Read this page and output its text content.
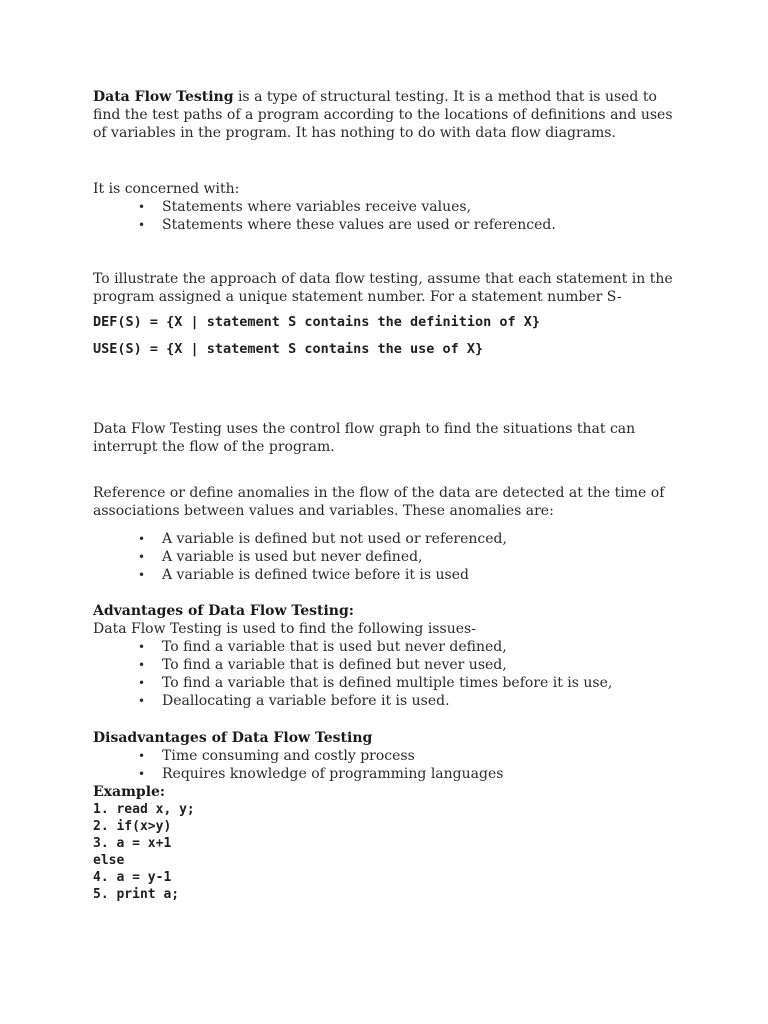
Data Flow Testing is a type of structural testing. It is a method that is used to find the test paths of a program according to the locations of definitions and uses of variables in the program. It has nothing to do with data flow diagrams.

It is concerned with:

• Statements where variables receive values,
• Statements where these values are used or referenced.

To illustrate the approach of data flow testing, assume that each statement in the program assigned a unique statement number. For a statement number S-

DEF(S) = {X | statement S contains the definition of X}

USE(S) = {X | statement S contains the use of X}

Data Flow Testing uses the control flow graph to find the situations that can interrupt the flow of the program.

Reference or define anomalies in the flow of the data are detected at the time of associations between values and variables. These anomalies are:

• A variable is defined but not used or referenced,
• A variable is used but never defined,
• A variable is defined twice before it is used

Advantages of Data Flow Testing:

Data Flow Testing is used to find the following issues-

• To find a variable that is used but never defined,
• To find a variable that is defined but never used,
• To find a variable that is defined multiple times before it is use,
• Deallocating a variable before it is used.

Disadvantages of Data Flow Testing

• Time consuming and costly process
• Requires knowledge of programming languages

Example:

1. read x, y;
2. if(x>y)
3. a = x+1
else
4. a = y-1
5. print a;
